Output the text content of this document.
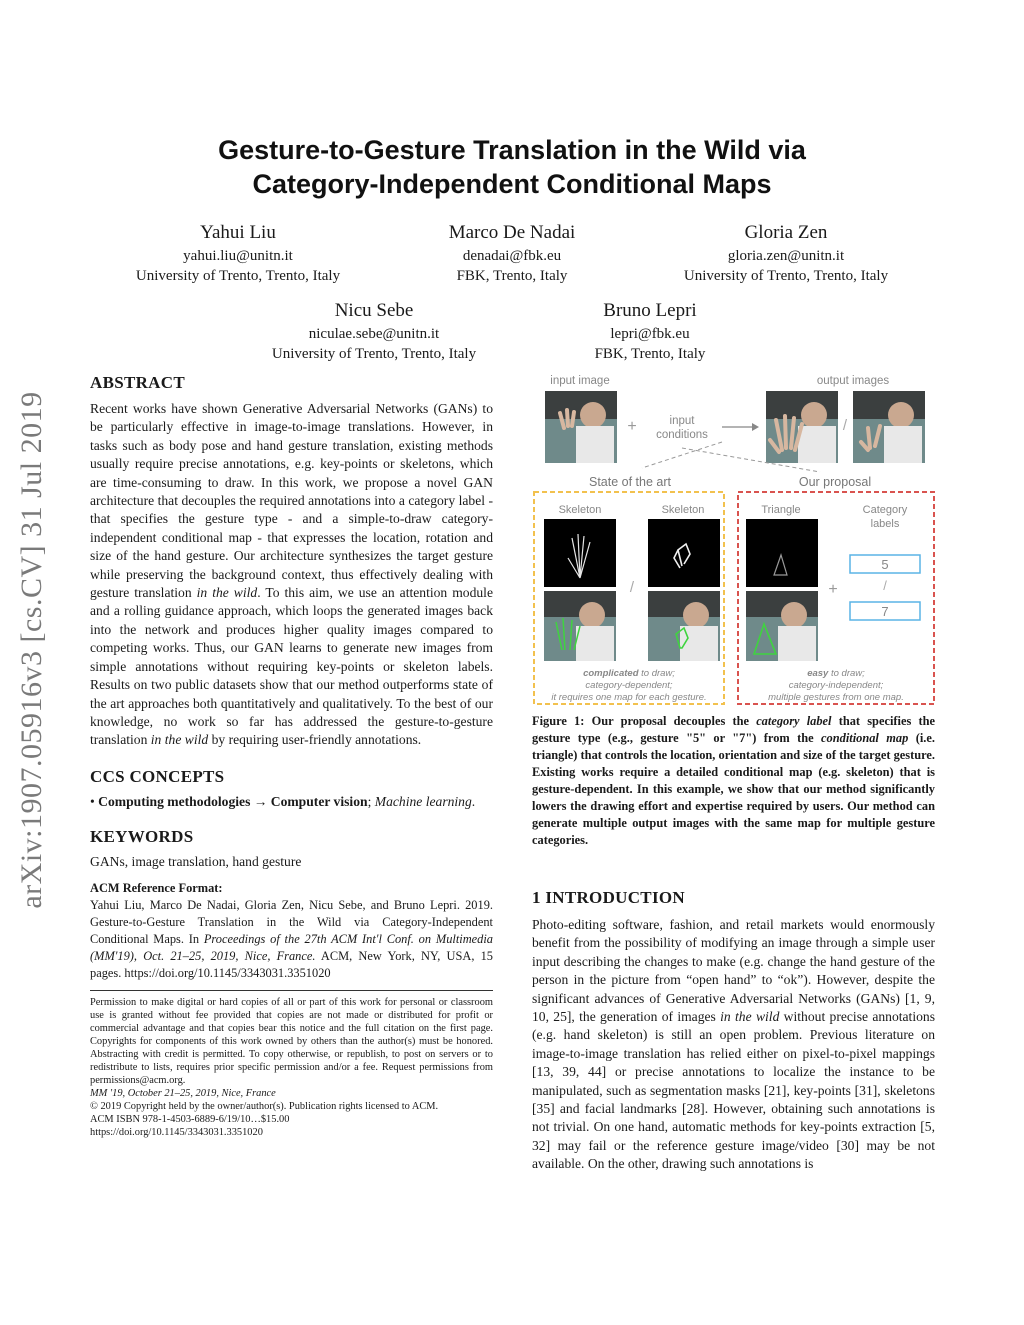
arXiv:1907.05916v3 [cs.CV] 31 Jul 2019
Gesture-to-Gesture Translation in the Wild via
Category-Independent Conditional Maps
Yahui Liu
yahui.liu@unitn.it
University of Trento, Trento, Italy
Marco De Nadai
denadai@fbk.eu
FBK, Trento, Italy
Gloria Zen
gloria.zen@unitn.it
University of Trento, Trento, Italy
Nicu Sebe
niculae.sebe@unitn.it
University of Trento, Trento, Italy
Bruno Lepri
lepri@fbk.eu
FBK, Trento, Italy
ABSTRACT

Recent works have shown Generative Adversarial Networks (GANs) to be particularly effective in image-to-image translations. However, in tasks such as body pose and hand gesture translation, existing methods usually require precise annotations, e.g. key-points or skeletons, which are time-consuming to draw. In this work, we propose a novel GAN architecture that decouples the required annotations into a category label - that specifies the gesture type - and a simple-to-draw category-independent conditional map - that expresses the location, rotation and size of the hand gesture. Our architecture synthesizes the target gesture while preserving the background context, thus effectively dealing with gesture translation in the wild. To this aim, we use an attention module and a rolling guidance approach, which loops the generated images back into the network and produces higher quality images compared to competing works. Thus, our GAN learns to generate new images from simple annotations without requiring key-points or skeleton labels. Results on two public datasets show that our method outperforms state of the art approaches both quantitatively and qualitatively. To the best of our knowledge, no work so far has addressed the gesture-to-gesture translation in the wild by requiring user-friendly annotations.

CCS CONCEPTS
• Computing methodologies → Computer vision; Machine learning.
KEYWORDS
GANs, image translation, hand gesture
ACM Reference Format:
Yahui Liu, Marco De Nadai, Gloria Zen, Nicu Sebe, and Bruno Lepri. 2019. Gesture-to-Gesture Translation in the Wild via Category-Independent Conditional Maps. In Proceedings of the 27th ACM Int'l Conf. on Multimedia (MM'19), Oct. 21–25, 2019, Nice, France. ACM, New York, NY, USA, 15 pages. https://doi.org/10.1145/3343031.3351020
Permission to make digital or hard copies of all or part of this work for personal or classroom use is granted without fee provided that copies are not made or distributed for profit or commercial advantage and that copies bear this notice and the full citation on the first page. Copyrights for components of this work owned by others than the author(s) must be honored. Abstracting with credit is permitted. To copy otherwise, or republish, to post on servers or to redistribute to lists, requires prior specific permission and/or a fee. Request permissions from permissions@acm.org.
MM '19, October 21–25, 2019, Nice, France
© 2019 Copyright held by the owner/author(s). Publication rights licensed to ACM.
ACM ISBN 978-1-4503-6889-6/19/10…$15.00
https://doi.org/10.1145/3343031.3351020
input image	output images
+	input
conditions
/
State of the art	Our proposal
Skeleton	Skeleton	Triangle	Category
labels
/
5
/
+
7
complicated to draw;
category-dependent;
it requires one map for each gesture.
easy to draw;
category-independent;
multiple gestures from one map.
Figure 1: Our proposal decouples the category label that specifies the gesture type (e.g., gesture "5" or "7") from the conditional map (i.e. triangle) that controls the location, orientation and size of the target gesture. Existing works require a detailed conditional map (e.g. skeleton) that is gesture-dependent. In this example, we show that our method significantly lowers the drawing effort and expertise required by users. Our method can generate multiple output images with the same map for multiple gesture categories.
1 INTRODUCTION
Photo-editing software, fashion, and retail markets would enormously benefit from the possibility of modifying an image through a simple user input describing the changes to make (e.g. change the hand gesture of the person in the picture from “open hand” to “ok”). However, despite the significant advances of Generative Adversarial Networks (GANs) [1, 9, 10, 25], the generation of images in the wild without precise annotations (e.g. hand skeleton) is still an open problem. Previous literature on image-to-image translation has relied either on pixel-to-pixel mappings [13, 39, 44] or precise annotations to localize the instance to be manipulated, such as segmentation masks [21], key-points [31], skeletons [35] and facial landmarks [28]. However, obtaining such annotations is not trivial. On one hand, automatic methods for key-points extraction [5, 32] may fail or the reference gesture image/video [30] may be not available. On the other, drawing such annotations is
